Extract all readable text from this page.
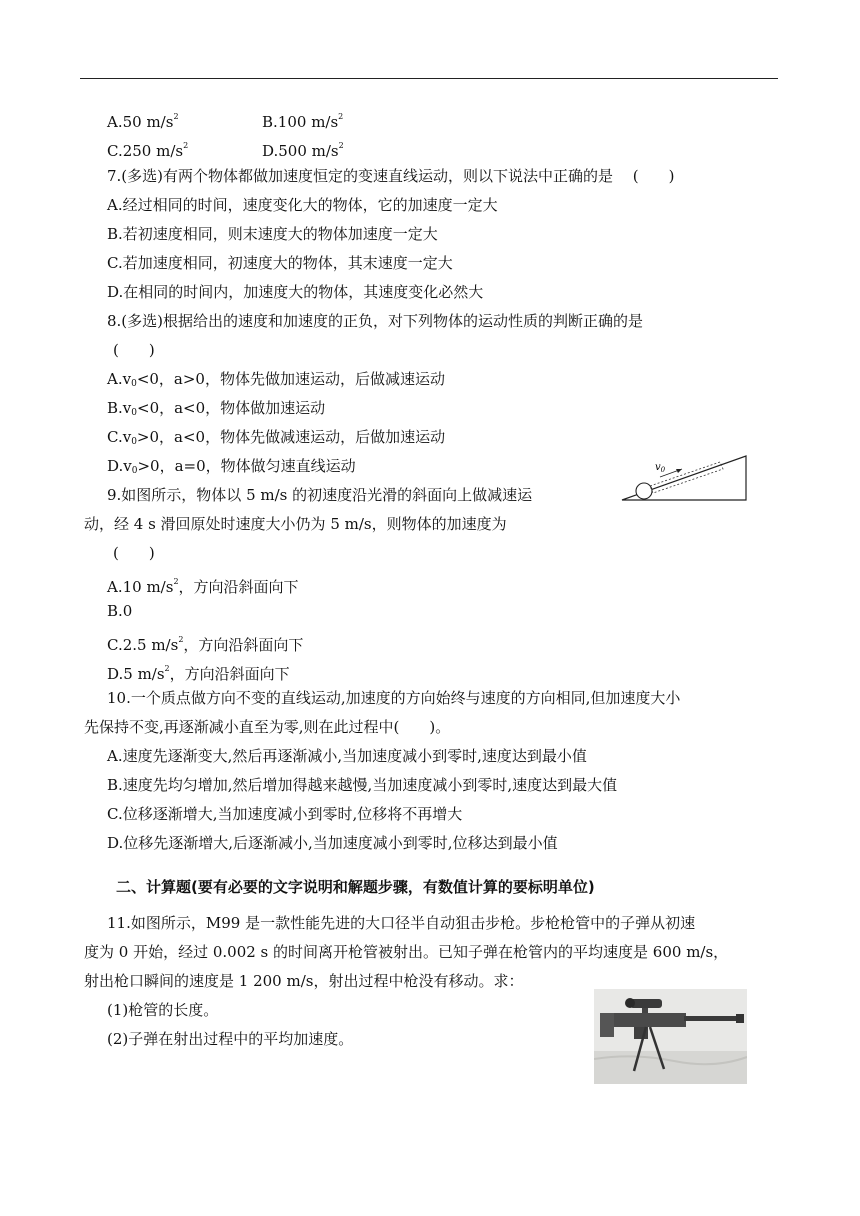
A.50 $m/s^2$	B.100 $m/s^2$
C.250 $m/s^2$	D.500 $m/s^2$
7.(多选)有两个物体都做加速度恒定的变速直线运动，则以下说法中正确的是　 (　　)
A.经过相同的时间，速度变化大的物体，它的加速度一定大
B.若初速度相同，则末速度大的物体加速度一定大
C.若加速度相同，初速度大的物体，其末速度一定大
D.在相同的时间内，加速度大的物体，其速度变化必然大
8.(多选)根据给出的速度和加速度的正负，对下列物体的运动性质的判断正确的是
(　　)
$A.v_0<0$，a>0，物体先做加速运动，后做减速运动
$B.v_0<0$，a<0，物体做加速运动
$C.v_0>0$，a<0，物体先做减速运动，后做加速运动
$D.v_0>0$，a=0，物体做匀速直线运动	$v_0$
9.如图所示，物体以 5 m/s 的初速度沿光滑的斜面向上做减速运
动，经 4 s 滑回原处时速度大小仍为 5 m/s，则物体的加速度为
(　　)
A.10 $m/s^2$，方向沿斜面向下
B.0
C.2.5 $m/s^2$，方向沿斜面向下
D.5 $m/s^2$，方向沿斜面向下
10.一个质点做方向不变的直线运动,加速度的方向始终与速度的方向相同,但加速度大小
先保持不变,再逐渐减小直至为零,则在此过程中(　　)。
A.速度先逐渐变大,然后再逐渐减小,当加速度减小到零时,速度达到最小值
B.速度先均匀增加,然后增加得越来越慢,当加速度减小到零时,速度达到最大值
C.位移逐渐增大,当加速度减小到零时,位移将不再增大
D.位移先逐渐增大,后逐渐减小,当加速度减小到零时,位移达到最小值
二、计算题(要有必要的文字说明和解题步骤，有数值计算的要标明单位)
11.如图所示，M99 是一款性能先进的大口径半自动狙击步枪。步枪枪管中的子弹从初速
度为 0 开始，经过 0.002 s 的时间离开枪管被射出。已知子弹在枪管内的平均速度是 600 m/s，
射出枪口瞬间的速度是 1 200 m/s，射出过程中枪没有移动。求：
(1)枪管的长度。
(2)子弹在射出过程中的平均加速度。
